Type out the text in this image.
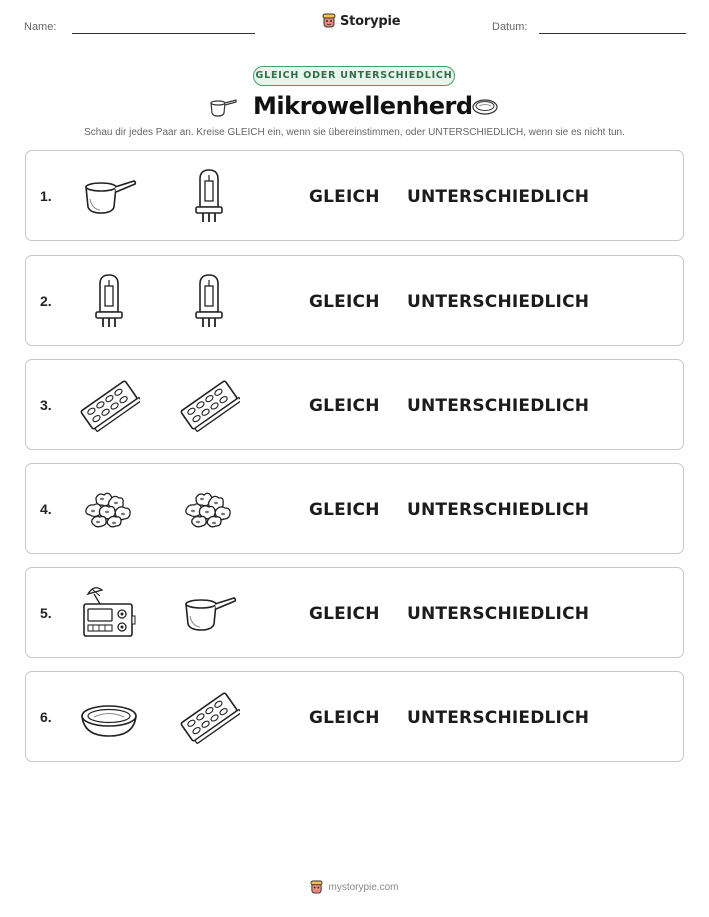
Name:	Storypie	Datum:
GLEICH ODER UNTERSCHIEDLICH
Mikrowellenherd
Schau dir jedes Paar an. Kreise GLEICH ein, wenn sie übereinstimmen, oder UNTERSCHIEDLICH, wenn sie es nicht tun.
1.	GLEICH UNTERSCHIEDLICH
2.	GLEICH UNTERSCHIEDLICH
3.	GLEICH UNTERSCHIEDLICH
4.	GLEICH UNTERSCHIEDLICH
5.	GLEICH UNTERSCHIEDLICH
6.	GLEICH UNTERSCHIEDLICH
mystorypie.com
